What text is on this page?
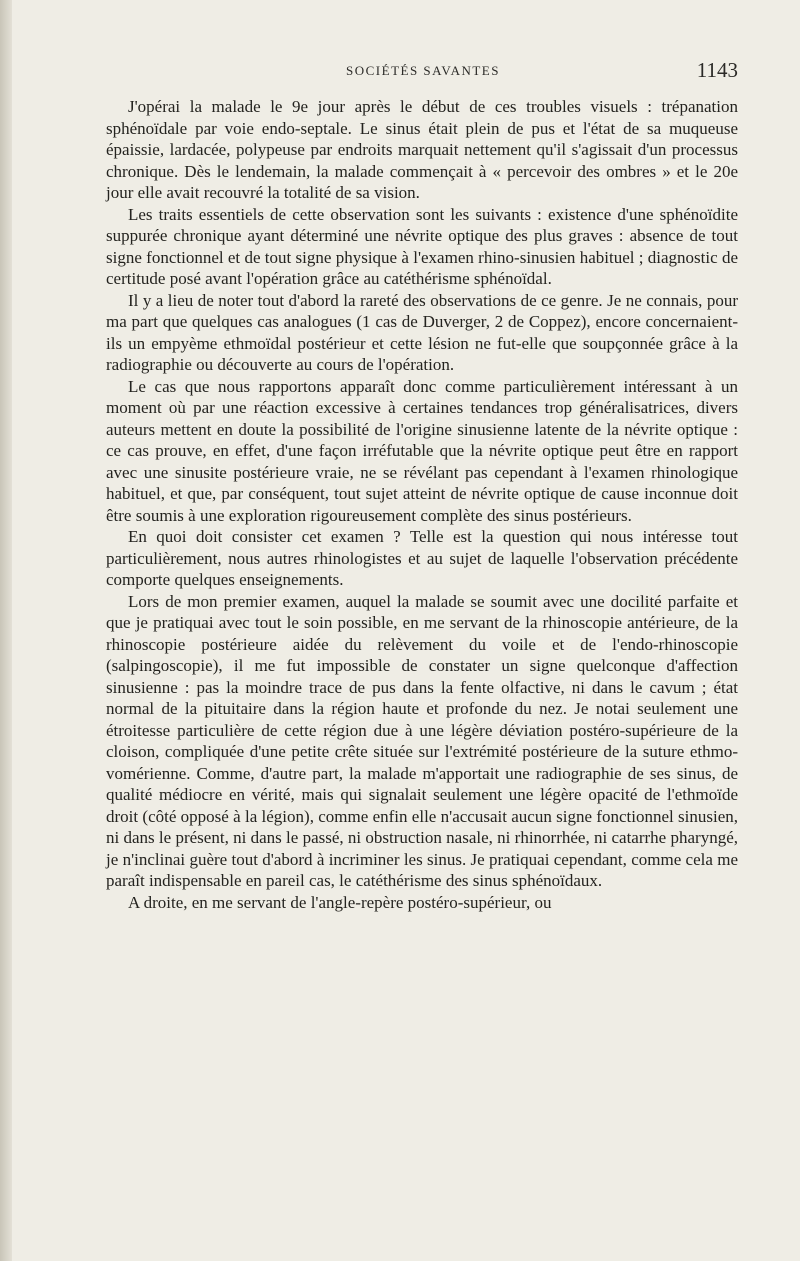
SOCIÉTÉS SAVANTES	1143

J'opérai la malade le 9e jour après le début de ces troubles visuels : trépanation sphénoïdale par voie endo-septale. Le sinus était plein de pus et l'état de sa muqueuse épaissie, lardacée, polypeuse par endroits marquait nettement qu'il s'agissait d'un processus chronique. Dès le lendemain, la malade commençait à « percevoir des ombres » et le 20e jour elle avait recouvré la totalité de sa vision.

Les traits essentiels de cette observation sont les suivants : existence d'une sphénoïdite suppurée chronique ayant déterminé une névrite optique des plus graves : absence de tout signe fonctionnel et de tout signe physique à l'examen rhino-sinusien habituel ; diagnostic de certitude posé avant l'opération grâce au catéthérisme sphénoïdal.

Il y a lieu de noter tout d'abord la rareté des observations de ce genre. Je ne connais, pour ma part que quelques cas analogues (1 cas de Duverger, 2 de Coppez), encore concernaient-ils un empyème ethmoïdal postérieur et cette lésion ne fut-elle que soupçonnée grâce à la radiographie ou découverte au cours de l'opération.

Le cas que nous rapportons apparaît donc comme particulièrement intéressant à un moment où par une réaction excessive à certaines tendances trop généralisatrices, divers auteurs mettent en doute la possibilité de l'origine sinusienne latente de la névrite optique : ce cas prouve, en effet, d'une façon irréfutable que la névrite optique peut être en rapport avec une sinusite postérieure vraie, ne se révélant pas cependant à l'examen rhinologique habituel, et que, par conséquent, tout sujet atteint de névrite optique de cause inconnue doit être soumis à une exploration rigoureusement complète des sinus postérieurs.

En quoi doit consister cet examen ? Telle est la question qui nous intéresse tout particulièrement, nous autres rhinologistes et au sujet de laquelle l'observation précédente comporte quelques enseignements.

Lors de mon premier examen, auquel la malade se soumit avec une docilité parfaite et que je pratiquai avec tout le soin possible, en me servant de la rhinoscopie antérieure, de la rhinoscopie postérieure aidée du relèvement du voile et de l'endo-rhinoscopie (salpingoscopie), il me fut impossible de constater un signe quelconque d'affection sinusienne : pas la moindre trace de pus dans la fente olfactive, ni dans le cavum ; état normal de la pituitaire dans la région haute et profonde du nez. Je notai seulement une étroitesse particulière de cette région due à une légère déviation postéro-supérieure de la cloison, compliquée d'une petite crête située sur l'extrémité postérieure de la suture ethmo-vomérienne. Comme, d'autre part, la malade m'apportait une radiographie de ses sinus, de qualité médiocre en vérité, mais qui signalait seulement une légère opacité de l'ethmoïde droit (côté opposé à la légion), comme enfin elle n'accusait aucun signe fonctionnel sinusien, ni dans le présent, ni dans le passé, ni obstruction nasale, ni rhinorrhée, ni catarrhe pharyngé, je n'inclinai guère tout d'abord à incriminer les sinus. Je pratiquai cependant, comme cela me paraît indispensable en pareil cas, le catéthérisme des sinus sphénoïdaux.

A droite, en me servant de l'angle-repère postéro-supérieur, ou
